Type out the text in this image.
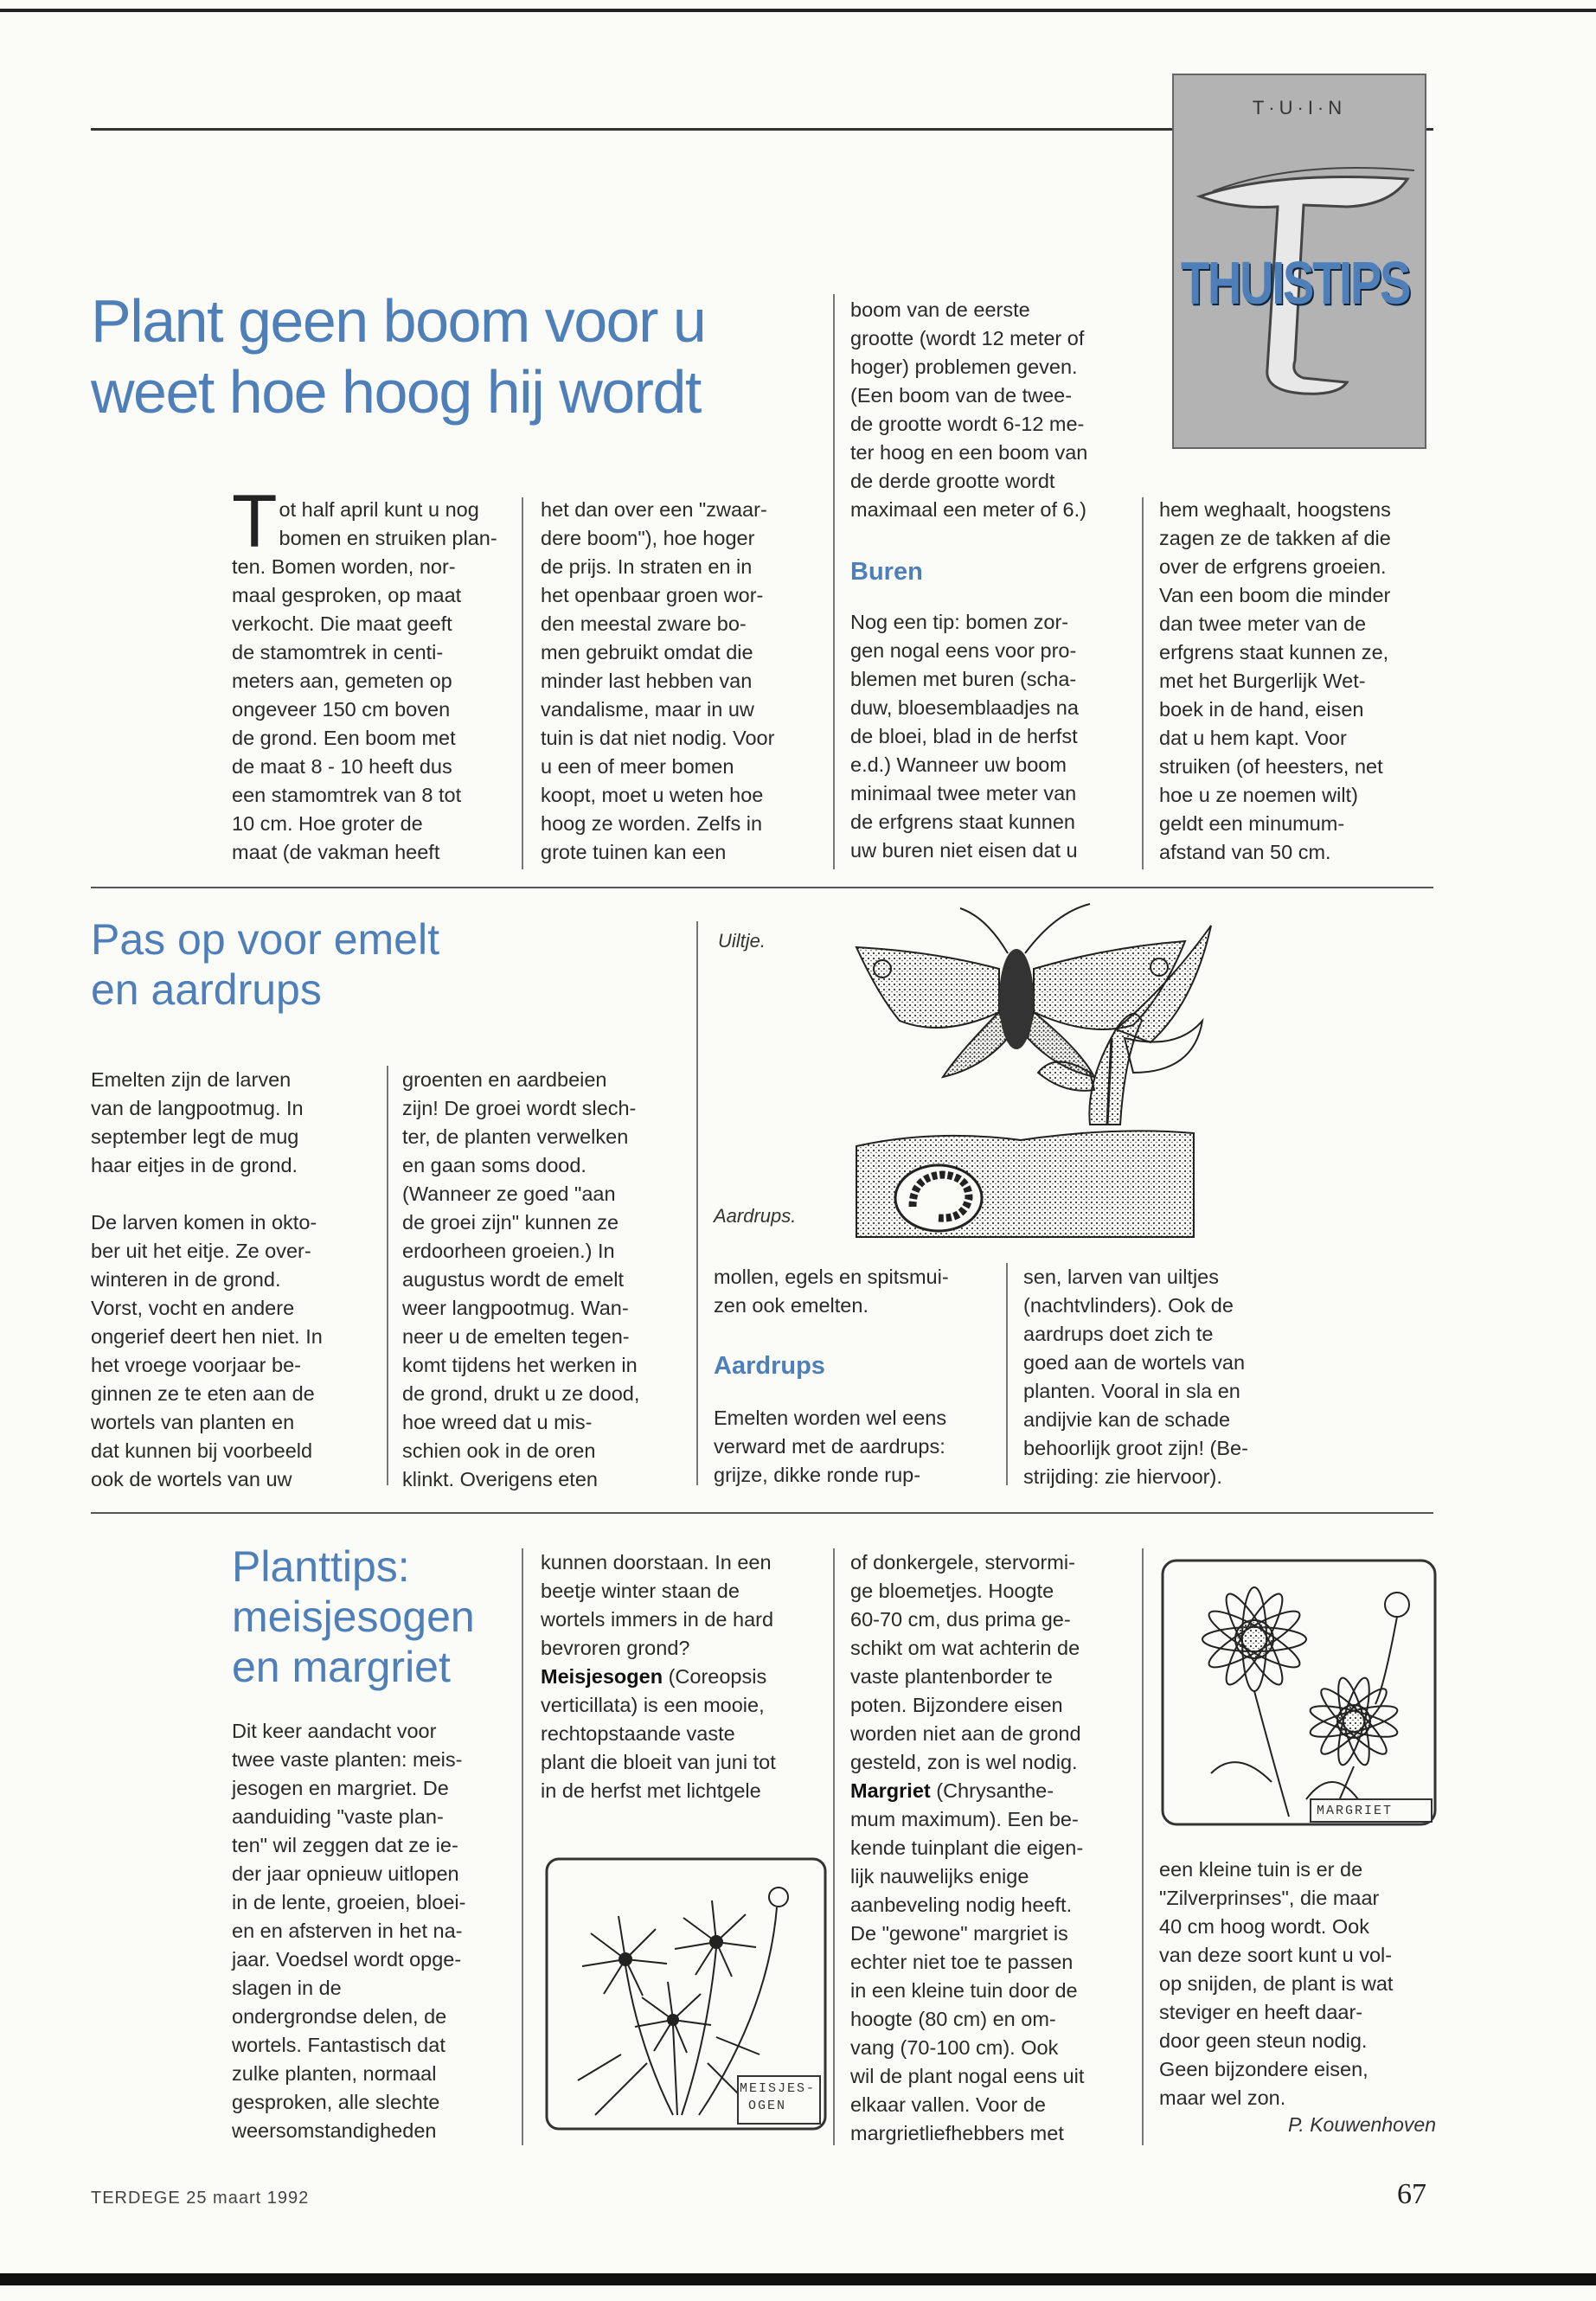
T·U·I·N
THUISTIPS
Plant geen boom voor u
weet hoe hoog hij wordt
Tot half april kunt u nog
bomen en struiken plan-
ten. Bomen worden, nor-
maal gesproken, op maat
verkocht. Die maat geeft
de stamomtrek in centi-
meters aan, gemeten op
ongeveer 150 cm boven
de grond. Een boom met
de maat 8 - 10 heeft dus
een stamomtrek van 8 tot
10 cm. Hoe groter de
maat (de vakman heeft
het dan over een "zwaar-
dere boom"), hoe hoger
de prijs. In straten en in
het openbaar groen wor-
den meestal zware bo-
men gebruikt omdat die
minder last hebben van
vandalisme, maar in uw
tuin is dat niet nodig. Voor
u een of meer bomen
koopt, moet u weten hoe
hoog ze worden. Zelfs in
grote tuinen kan een
boom van de eerste
grootte (wordt 12 meter of
hoger) problemen geven.
(Een boom van de twee-
de grootte wordt 6-12 me-
ter hoog en een boom van
de derde grootte wordt
maximaal een meter of 6.)
Buren
Nog een tip: bomen zor-
gen nogal eens voor pro-
blemen met buren (scha-
duw, bloesemblaadjes na
de bloei, blad in de herfst
e.d.) Wanneer uw boom
minimaal twee meter van
de erfgrens staat kunnen
uw buren niet eisen dat u
hem weghaalt, hoogstens
zagen ze de takken af die
over de erfgrens groeien.
Van een boom die minder
dan twee meter van de
erfgrens staat kunnen ze,
met het Burgerlijk Wet-
boek in de hand, eisen
dat u hem kapt. Voor
struiken (of heesters, net
hoe u ze noemen wilt)
geldt een minumum-
afstand van 50 cm.
Pas op voor emelt
en aardrups
Emelten zijn de larven
van de langpootmug. In
september legt de mug
haar eitjes in de grond.

De larven komen in okto-
ber uit het eitje. Ze over-
winteren in de grond.
Vorst, vocht en andere
ongerief deert hen niet. In
het vroege voorjaar be-
ginnen ze te eten aan de
wortels van planten en
dat kunnen bij voorbeeld
ook de wortels van uw
groenten en aardbeien
zijn! De groei wordt slech-
ter, de planten verwelken
en gaan soms dood.
(Wanneer ze goed "aan
de groei zijn" kunnen ze
erdoorheen groeien.) In
augustus wordt de emelt
weer langpootmug. Wan-
neer u de emelten tegen-
komt tijdens het werken in
de grond, drukt u ze dood,
hoe wreed dat u mis-
schien ook in de oren
klinkt. Overigens eten
Uiltje.
Aardrups.
mollen, egels en spitsmui-
zen ook emelten.
Aardrups
Emelten worden wel eens
verward met de aardrups:
grijze, dikke ronde rup-
sen, larven van uiltjes
(nachtvlinders). Ook de
aardrups doet zich te
goed aan de wortels van
planten. Vooral in sla en
andijvie kan de schade
behoorlijk groot zijn! (Be-
strijding: zie hiervoor).
Planttips:
meisjesogen
en margriet
Dit keer aandacht voor
twee vaste planten: meis-
jesogen en margriet. De
aanduiding "vaste plan-
ten" wil zeggen dat ze ie-
der jaar opnieuw uitlopen
in de lente, groeien, bloei-
en en afsterven in het na-
jaar. Voedsel wordt opge-
slagen in de
ondergrondse delen, de
wortels. Fantastisch dat
zulke planten, normaal
gesproken, alle slechte
weersomstandigheden
kunnen doorstaan. In een
beetje winter staan de
wortels immers in de hard
bevroren grond?
Meisjesogen (Coreopsis
verticillata) is een mooie,
rechtopstaande vaste
plant die bloeit van juni tot
in de herfst met lichtgele
MEISJES-
OGEN
of donkergele, stervormi-
ge bloemetjes. Hoogte
60-70 cm, dus prima ge-
schikt om wat achterin de
vaste plantenborder te
poten. Bijzondere eisen
worden niet aan de grond
gesteld, zon is wel nodig.
Margriet (Chrysanthe-
mum maximum). Een be-
kende tuinplant die eigen-
lijk nauwelijks enige
aanbeveling nodig heeft.
De "gewone" margriet is
echter niet toe te passen
in een kleine tuin door de
hoogte (80 cm) en om-
vang (70-100 cm). Ook
wil de plant nogal eens uit
elkaar vallen. Voor de
margrietliefhebbers met
MARGRIET
een kleine tuin is er de
"Zilverprinses", die maar
40 cm hoog wordt. Ook
van deze soort kunt u vol-
op snijden, de plant is wat
steviger en heeft daar-
door geen steun nodig.
Geen bijzondere eisen,
maar wel zon.
P. Kouwenhoven
TERDEGE 25 maart 1992	67
